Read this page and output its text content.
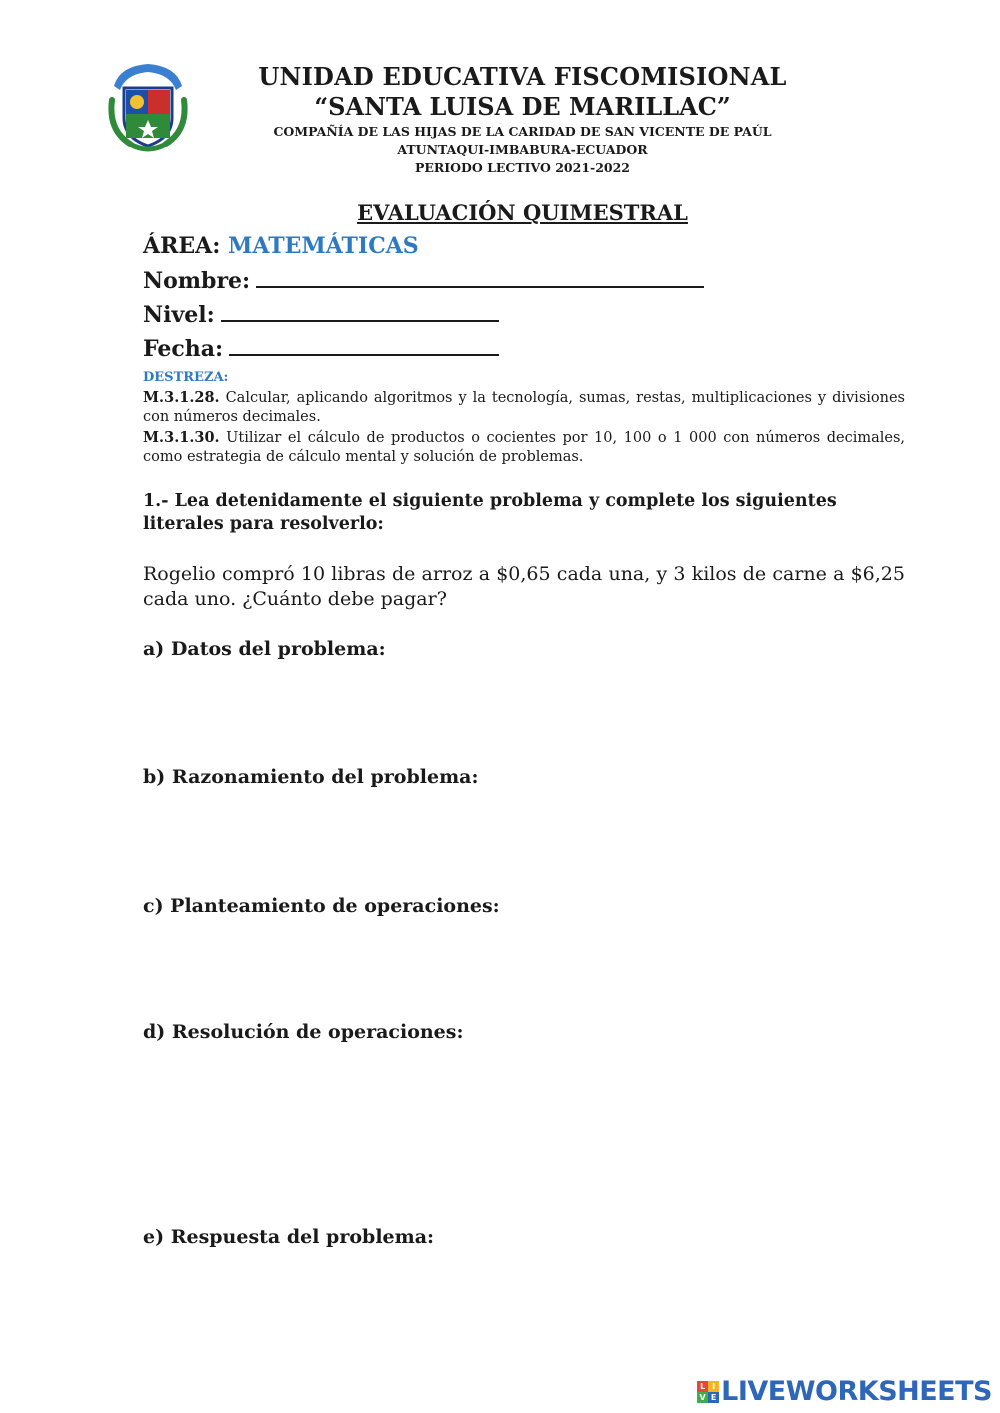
UNIDAD EDUCATIVA FISCOMISIONAL
“SANTA LUISA DE MARILLAC”
COMPAÑÍA DE LAS HIJAS DE LA CARIDAD DE SAN VICENTE DE PAÚL
ATUNTAQUI-IMBABURA-ECUADOR
PERIODO LECTIVO 2021-2022
EVALUACIÓN QUIMESTRAL
ÁREA: MATEMÁTICAS
Nombre:
Nivel:
Fecha:
DESTREZA:
M.3.1.28. Calcular, aplicando algoritmos y la tecnología, sumas, restas, multiplicaciones y divisiones con números decimales.
M.3.1.30. Utilizar el cálculo de productos o cocientes por 10, 100 o 1 000 con números decimales, como estrategia de cálculo mental y solución de problemas.
1.- Lea detenidamente el siguiente problema y complete los siguientes literales para resolverlo:
Rogelio compró 10 libras de arroz a $0,65 cada una, y 3 kilos de carne a $6,25 cada uno. ¿Cuánto debe pagar?
a) Datos del problema:
b) Razonamiento del problema:
c) Planteamiento de operaciones:
d) Resolución de operaciones:
e) Respuesta del problema:
L I
V E LIVEWORKSHEETS
